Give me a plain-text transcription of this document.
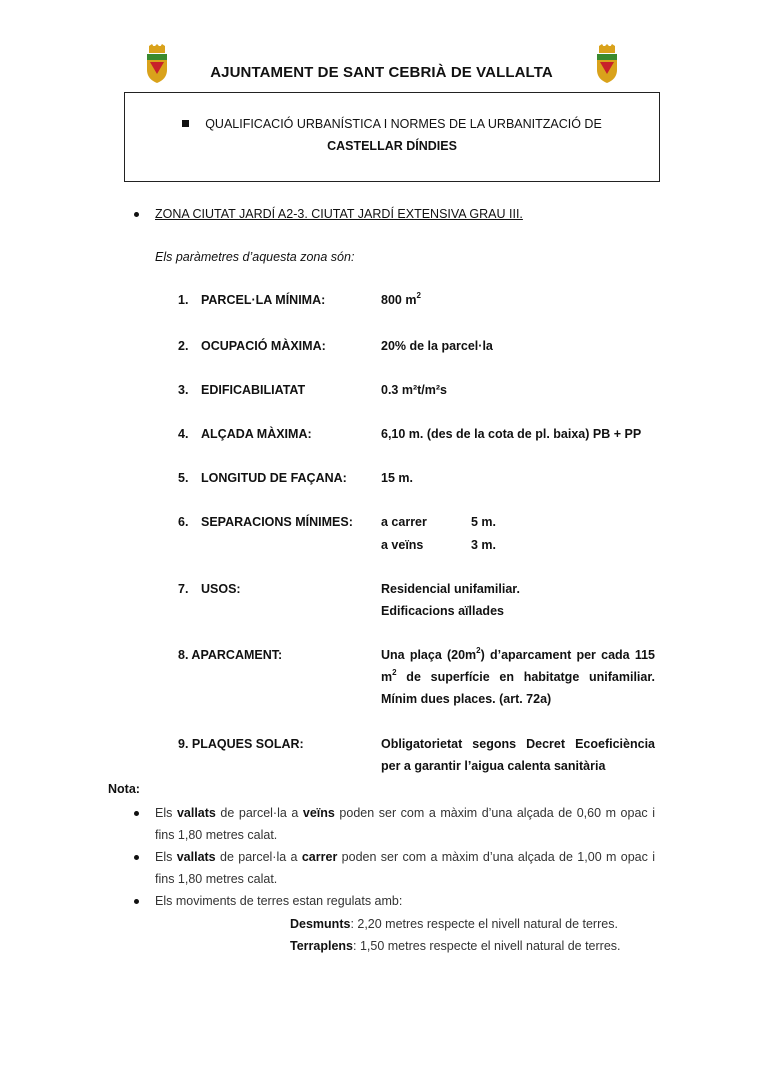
AJUNTAMENT DE SANT CEBRIÀ DE VALLALTA
QUALIFICACIÓ URBANÍSTICA I NORMES DE LA URBANITZACIÓ DE
CASTELLAR DÍNDIES
ZONA CIUTAT JARDÍ A2-3. CIUTAT JARDÍ EXTENSIVA GRAU III.
Els paràmetres d’aquesta zona són:
1. PARCEL·LA MÍNIMA:	800 $m^2$
2. OCUPACIÓ MÀXIMA:	20% de la parcel·la
3. EDIFICABILIATAT	0.3 m²t/m²s
4. ALÇADA MÀXIMA:	6,10 m. (des de la cota de pl. baixa) PB + PP
5. LONGITUD DE FAÇANA:	15 m.
6. SEPARACIONS MÍNIMES: a carrer	5 m.
a veïns	3 m.
7. USOS:	Residencial unifamiliar.
Edificacions aïllades
8. APARCAMENT:	Una plaça $(20m^2)$ d’aparcament per cada 115
$m^2$ de superfície en habitatge unifamiliar.
Mínim dues places. (art. 72a)
9. PLAQUES SOLAR:	Obligatorietat segons Decret Ecoeficiència
per a garantir l’aigua calenta sanitària
Nota:
Els vallats de parcel·la a veïns poden ser com a màxim d’una alçada de 0,60 m opac i
fins 1,80 metres calat.
Els vallats de parcel·la a carrer poden ser com a màxim d’una alçada de 1,00 m opac i
fins 1,80 metres calat.
Els moviments de terres estan regulats amb:
Desmunts: 2,20 metres respecte el nivell natural de terres.
Terraplens: 1,50 metres respecte el nivell natural de terres.
